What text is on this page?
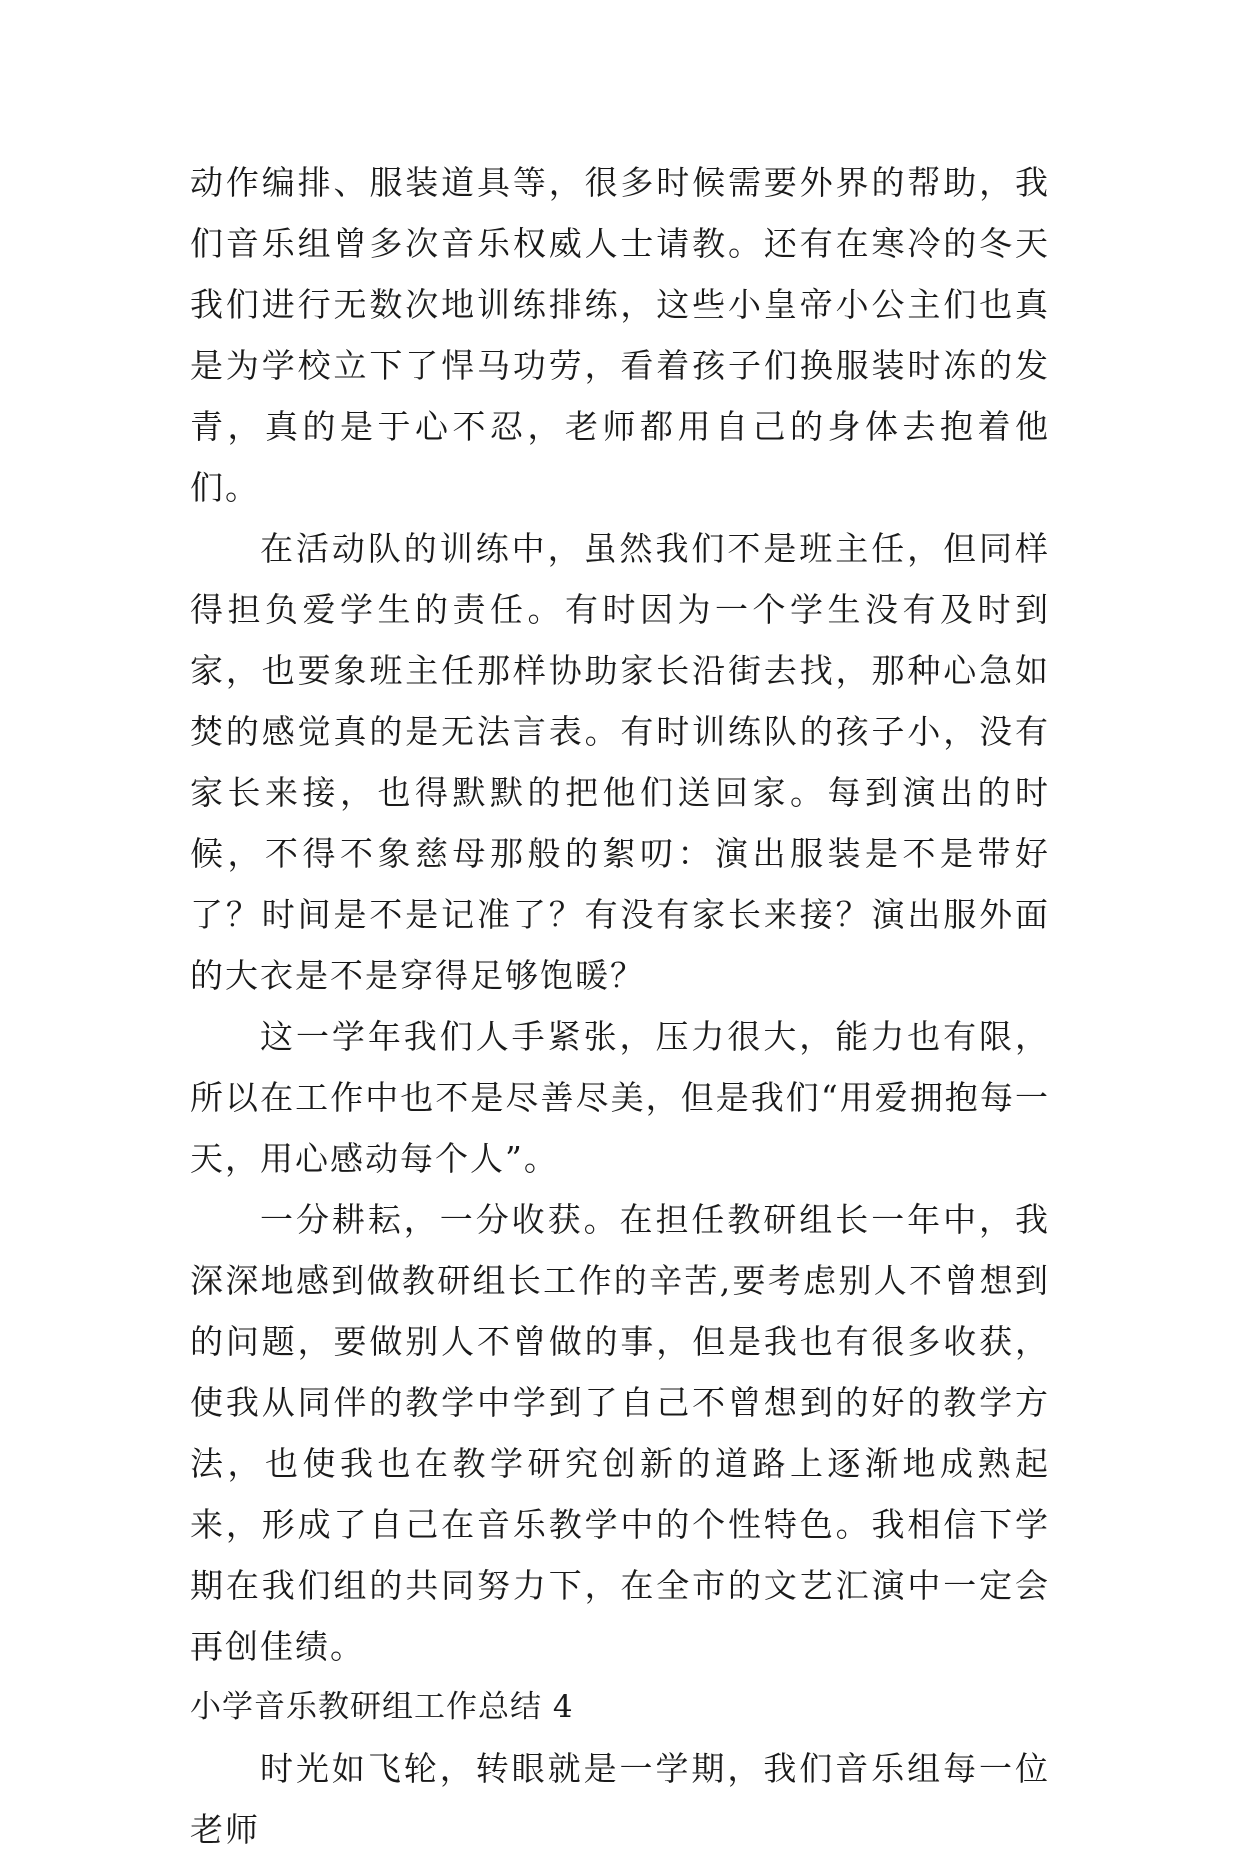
动作编排、服装道具等，很多时候需要外界的帮助，我们音乐组曾多次音乐权威人士请教。还有在寒冷的冬天我们进行无数次地训练排练，这些小皇帝小公主们也真是为学校立下了悍马功劳，看着孩子们换服装时冻的发青，真的是于心不忍，老师都用自己的身体去抱着他们。

在活动队的训练中，虽然我们不是班主任，但同样得担负爱学生的责任。有时因为一个学生没有及时到家，也要象班主任那样协助家长沿街去找，那种心急如焚的感觉真的是无法言表。有时训练队的孩子小，没有家长来接，也得默默的把他们送回家。每到演出的时候，不得不象慈母那般的絮叨：演出服装是不是带好了？时间是不是记准了？有没有家长来接？演出服外面的大衣是不是穿得足够饱暖？

这一学年我们人手紧张，压力很大，能力也有限，所以在工作中也不是尽善尽美，但是我们“用爱拥抱每一天，用心感动每个人”。

一分耕耘，一分收获。在担任教研组长一年中，我深深地感到做教研组长工作的辛苦,要考虑别人不曾想到的问题，要做别人不曾做的事，但是我也有很多收获，使我从同伴的教学中学到了自己不曾想到的好的教学方法，也使我也在教学研究创新的道路上逐渐地成熟起来，形成了自己在音乐教学中的个性特色。我相信下学期在我们组的共同努力下，在全市的文艺汇演中一定会再创佳绩。

小学音乐教研组工作总结 4

时光如飞轮，转眼就是一学期，我们音乐组每一位老师
